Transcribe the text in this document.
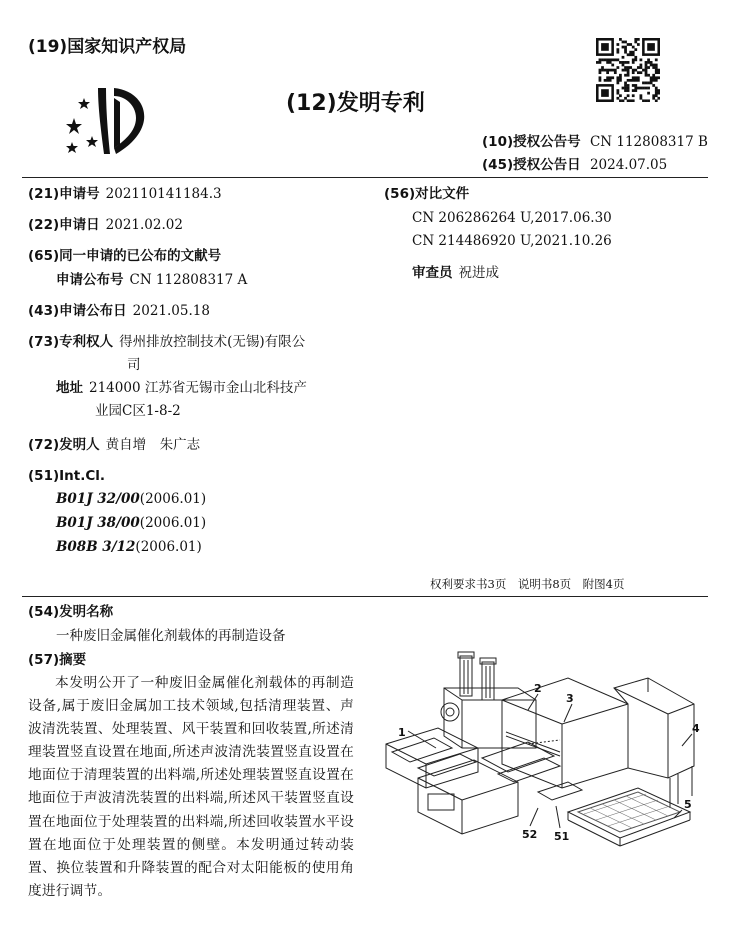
(19)国家知识产权局
(12)发明专利
(10)授权公告号 CN 112808317 B
(45)授权公告日 2024.07.05
(21)申请号 202110141184.3
(22)申请日 2021.02.02
(65)同一申请的已公布的文献号
申请公布号 CN 112808317 A
(43)申请公布日 2021.05.18
(73)专利权人 得州排放控制技术(无锡)有限公
司
地址 214000 江苏省无锡市金山北科技产
业园C区1-8-2
(72)发明人 黄自增　朱广志
(51)Int.Cl.
B01J 32/00(2006.01)
B01J 38/00(2006.01)
B08B 3/12(2006.01)
(56)对比文件
CN 206286264 U,2017.06.30
CN 214486920 U,2021.10.26
审查员 祝进成
权利要求书3页　说明书8页　附图4页
(54)发明名称
一种废旧金属催化剂载体的再制造设备
(57)摘要
本发明公开了一种废旧金属催化剂载体的再制造设备,属于废旧金属加工技术领域,包括清理装置、声波清洗装置、处理装置、风干装置和回收装置,所述清理装置竖直设置在地面,所述声波清洗装置竖直设置在地面位于清理装置的出料端,所述处理装置竖直设置在地面位于声波清洗装置的出料端,所述风干装置竖直设置在地面位于处理装置的出料端,所述回收装置水平设置在地面位于处理装置的侧壁。本发明通过转动装置、换位装置和升降装置的配合对太阳能板的使用角度进行调节。
1
2
3
4
5
51
52
